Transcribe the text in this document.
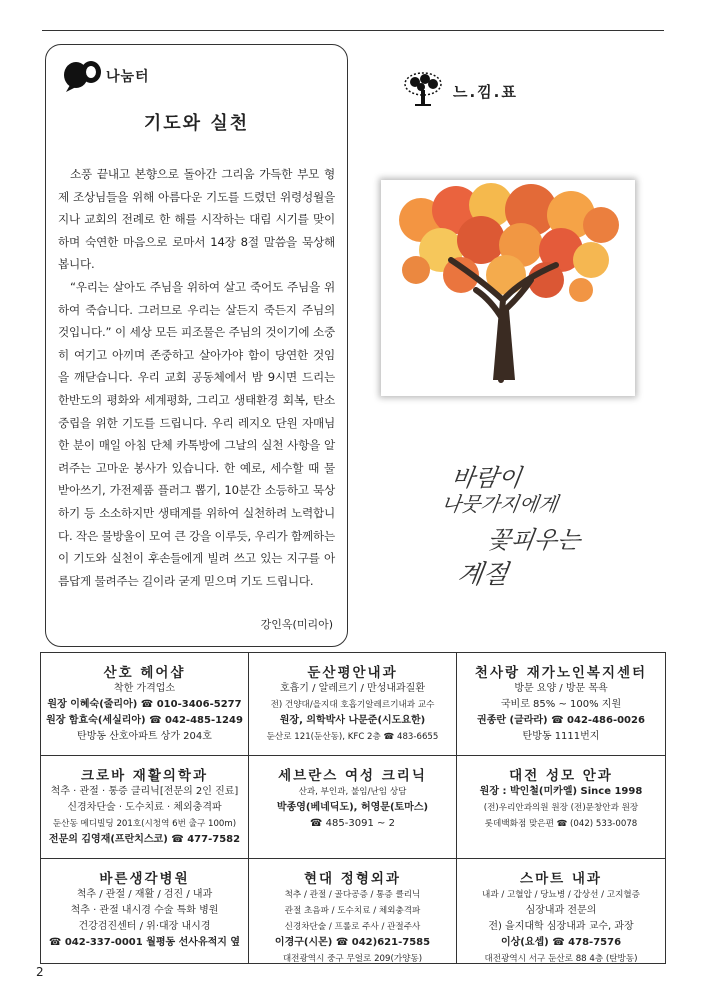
나눔터
기도와 실천

소풍 끝내고 본향으로 돌아간 그리움 가득한 부모 형제 조상님들을 위해 아름다운 기도를 드렸던 위령성월을 지나 교회의 전례로 한 해를 시작하는 대림 시기를 맞이하며 숙연한 마음으로 로마서 14장 8절 말씀을 묵상해 봅니다.

“우리는 살아도 주님을 위하여 살고 죽어도 주님을 위하여 죽습니다. 그러므로 우리는 살든지 죽든지 주님의 것입니다.” 이 세상 모든 피조물은 주님의 것이기에 소중히 여기고 아끼며 존중하고 살아가야 함이 당연한 것임을 깨닫습니다. 우리 교회 공동체에서 밤 9시면 드리는 한반도의 평화와 세계평화, 그리고 생태환경 회복, 탄소 중립을 위한 기도를 드립니다. 우리 레지오 단원 자매님 한 분이 매일 아침 단체 카톡방에 그날의 실천 사항을 알려주는 고마운 봉사가 있습니다. 한 예로, 세수할 때 물 받아쓰기, 가전제품 플러그 뽑기, 10분간 소등하고 묵상하기 등 소소하지만 생태계를 위하여 실천하려 노력합니다. 작은 물방울이 모여 큰 강을 이루듯, 우리가 함께하는 이 기도와 실천이 후손들에게 빌려 쓰고 있는 지구를 아름답게 물려주는 길이라 굳게 믿으며 기도 드립니다.

강인옥(미리아)
느.낌.표
바람이
나뭇가지에게
꽃피우는
계절
산호 헤어샵
착한 가격업소
원장 이혜숙(줄리아) ☎ 010-3406-5277
원장 함효숙(세실리아) ☎ 042-485-1249
탄방동 산호아파트 상가 204호
둔산평안내과
호흡기 / 알레르기 / 만성내과질환
전) 건양대/을지대 호흡기알레르기내과 교수
원장, 의학박사 나문준(시도요한)
둔산로 121(둔산동), KFC 2층 ☎ 483-6655
천사랑 재가노인복지센터
방문 요양 / 방문 목욕
국비로 85% ~ 100% 지원
권종란 (글라라) ☎ 042-486-0026
탄방동 1111번지
크로바 재활의학과
척추 · 관절 · 통증 클리닉[전문의 2인 진료]
신경차단술 · 도수치료 · 체외충격파
둔산동 메디빌딩 201호(시청역 6번 출구 100m)
전문의 김영재(프란치스코) ☎ 477-7582
세브란스 여성 크리닉
산과, 부인과, 불임/난임 상담
박종영(베네딕도), 허영문(토마스)
☎ 485-3091 ~ 2
대전 성모 안과
원장 : 박인철(미카엘) Since 1998
(전)우리안과의원 원장 (전)문창안과 원장
롯데백화점 맞은편 ☎ (042) 533-0078
바른생각병원
척추 / 관절 / 재활 / 검진 / 내과
척추 · 관절 내시경 수술 특화 병원
건강검진센터 / 위·대장 내시경
☎ 042-337-0001 월평동 선사유적지 옆
현대 정형외과
척추 / 관절 / 골다공증 / 통증 클리닉
관절 초음파 / 도수치료 / 체외충격파
신경차단술 / 프롤로 주사 / 관절주사
이경구(시몬) ☎ 042)621-7585
대전광역시 중구 무얼로 209(가양동)
스마트 내과
내과 / 고혈압 / 당뇨병 / 갑상선 / 고지혈증
심장내과 전문의
전) 을지대학 심장내과 교수, 과장
이상(요셉) ☎ 478-7576
대전광역시 서구 둔산로 88 4층 (탄방동)
2
